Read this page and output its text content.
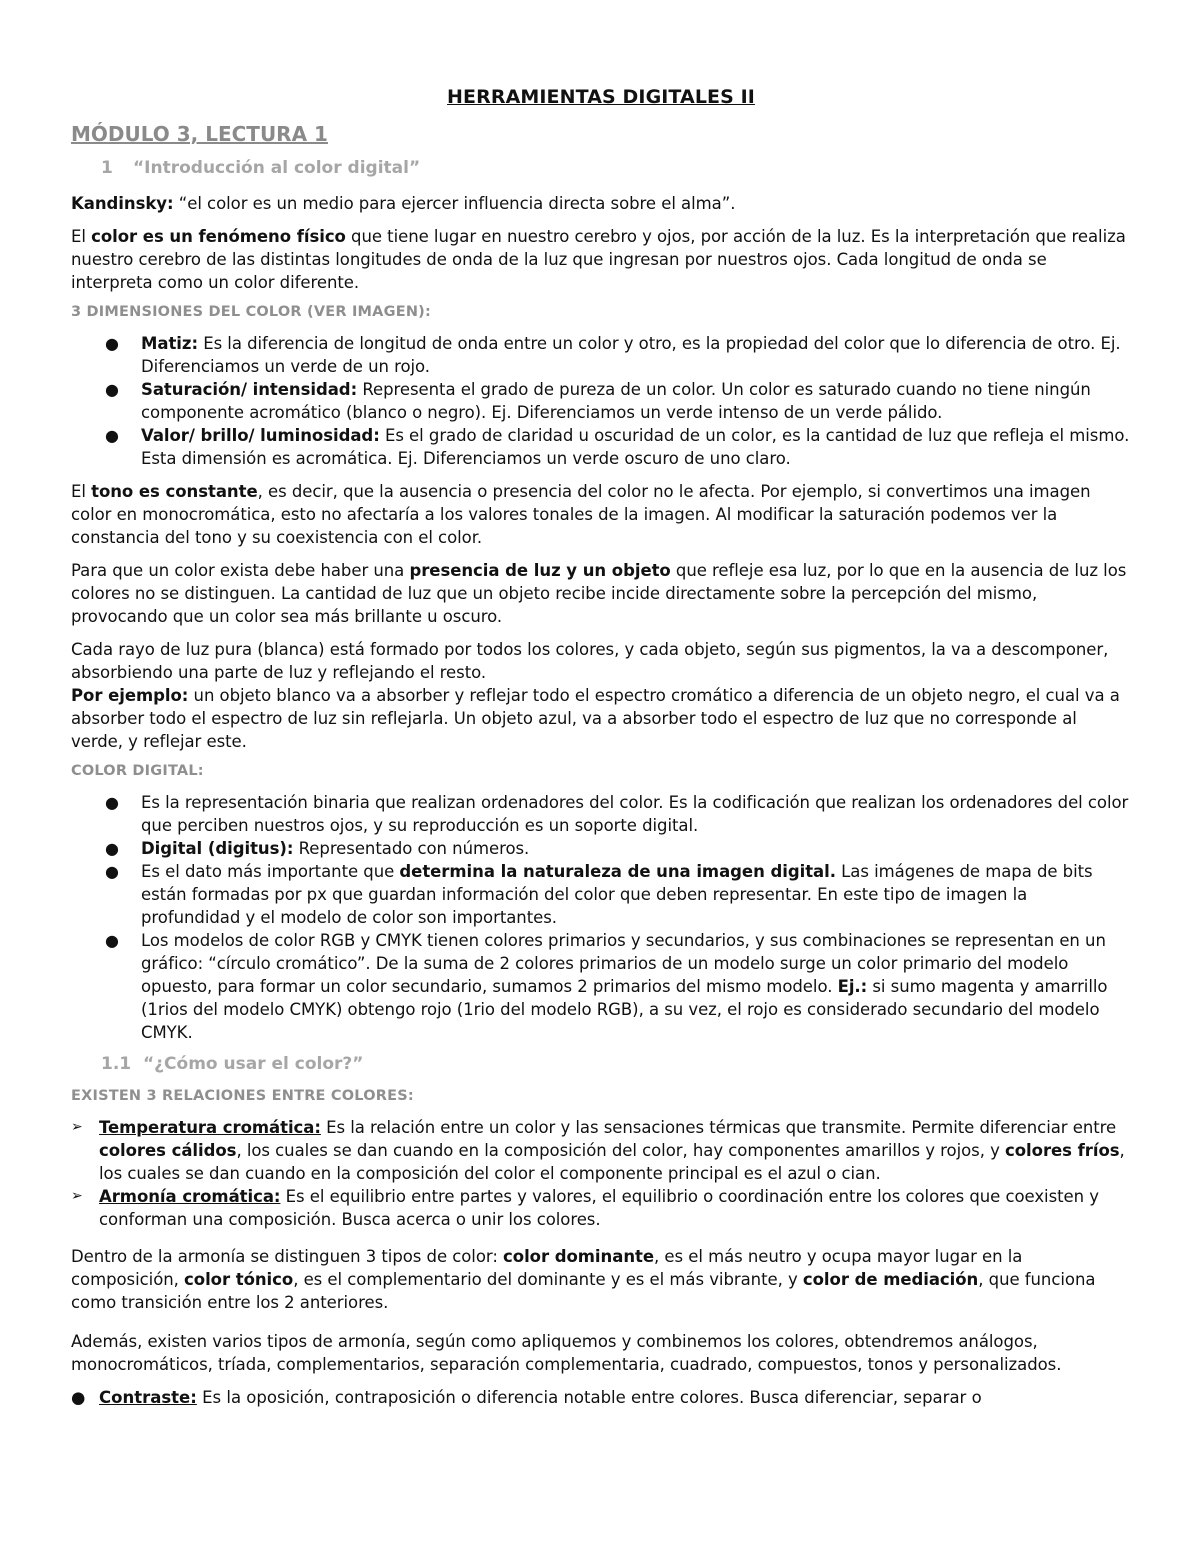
HERRAMIENTAS DIGITALES II
MÓDULO 3, LECTURA 1
1 “Introducción al color digital”

Kandinsky: “el color es un medio para ejercer influencia directa sobre el alma”.

El color es un fenómeno físico que tiene lugar en nuestro cerebro y ojos, por acción de la luz. Es la interpretación que realiza nuestro cerebro de las distintas longitudes de onda de la luz que ingresan por nuestros ojos. Cada longitud de onda se interpreta como un color diferente.

3 DIMENSIONES DEL COLOR (VER IMAGEN):

● Matiz: Es la diferencia de longitud de onda entre un color y otro, es la propiedad del color que lo diferencia de otro. Ej. Diferenciamos un verde de un rojo.
● Saturación/ intensidad: Representa el grado de pureza de un color. Un color es saturado cuando no tiene ningún componente acromático (blanco o negro). Ej. Diferenciamos un verde intenso de un verde pálido.
● Valor/ brillo/ luminosidad: Es el grado de claridad u oscuridad de un color, es la cantidad de luz que refleja el mismo. Esta dimensión es acromática. Ej. Diferenciamos un verde oscuro de uno claro.

El tono es constante, es decir, que la ausencia o presencia del color no le afecta. Por ejemplo, si convertimos una imagen color en monocromática, esto no afectaría a los valores tonales de la imagen. Al modificar la saturación podemos ver la constancia del tono y su coexistencia con el color.

Para que un color exista debe haber una presencia de luz y un objeto que refleje esa luz, por lo que en la ausencia de luz los colores no se distinguen. La cantidad de luz que un objeto recibe incide directamente sobre la percepción del mismo, provocando que un color sea más brillante u oscuro.

Cada rayo de luz pura (blanca) está formado por todos los colores, y cada objeto, según sus pigmentos, la va a descomponer, absorbiendo una parte de luz y reflejando el resto.

Por ejemplo: un objeto blanco va a absorber y reflejar todo el espectro cromático a diferencia de un objeto negro, el cual va a absorber todo el espectro de luz sin reflejarla. Un objeto azul, va a absorber todo el espectro de luz que no corresponde al verde, y reflejar este.

COLOR DIGITAL:

● Es la representación binaria que realizan ordenadores del color. Es la codificación que realizan los ordenadores del color que perciben nuestros ojos, y su reproducción es un soporte digital.
● Digital (digitus): Representado con números.
● Es el dato más importante que determina la naturaleza de una imagen digital. Las imágenes de mapa de bits están formadas por px que guardan información del color que deben representar. En este tipo de imagen la profundidad y el modelo de color son importantes.
● Los modelos de color RGB y CMYK tienen colores primarios y secundarios, y sus combinaciones se representan en un gráfico: “círculo cromático”. De la suma de 2 colores primarios de un modelo surge un color primario del modelo opuesto, para formar un color secundario, sumamos 2 primarios del mismo modelo. Ej.: si sumo magenta y amarrillo (1rios del modelo CMYK) obtengo rojo (1rio del modelo RGB), a su vez, el rojo es considerado secundario del modelo CMYK.
1.1 “¿Cómo usar el color?”

EXISTEN 3 RELACIONES ENTRE COLORES:

➢ Temperatura cromática: Es la relación entre un color y las sensaciones térmicas que transmite. Permite diferenciar entre colores cálidos, los cuales se dan cuando en la composición del color, hay componentes amarillos y rojos, y colores fríos, los cuales se dan cuando en la composición del color el componente principal es el azul o cian.
➢ Armonía cromática: Es el equilibrio entre partes y valores, el equilibrio o coordinación entre los colores que coexisten y conforman una composición. Busca acerca o unir los colores.

Dentro de la armonía se distinguen 3 tipos de color: color dominante, es el más neutro y ocupa mayor lugar en la composición, color tónico, es el complementario del dominante y es el más vibrante, y color de mediación, que funciona como transición entre los 2 anteriores.

Además, existen varios tipos de armonía, según como apliquemos y combinemos los colores, obtendremos análogos, monocromáticos, tríada, complementarios, separación complementaria, cuadrado, compuestos, tonos y personalizados.

● Contraste: Es la oposición, contraposición o diferencia notable entre colores. Busca diferenciar, separar o
